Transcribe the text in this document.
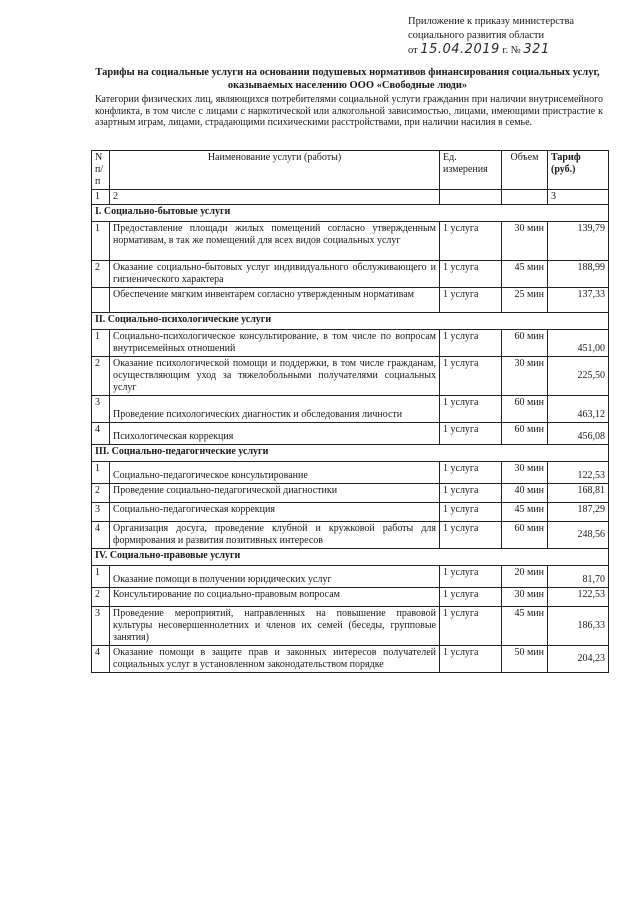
Приложение к приказу министерства
социального развития области
от 15.04.2019 г. № 321
Тарифы на социальные услуги на основании подушевых нормативов финансирования социальных услуг, оказываемых населению ООО «Свободные люди»
Категории физических лиц, являющихся потребителями социальной услуги гражданин при наличии внутрисемейного конфликта, в том числе с лицами с наркотической или алкогольной зависимостью, лицами, имеющими пристрастие к азартным играм, лицами, страдающими психическими расстройствами, при наличии насилия в семье.
N п/п	Наименование услуги (работы)	Ед. измерения	Объем	Тариф (руб.)
1	2			3
I. Социально-бытовые услуги				
1	Предоставление площади жилых помещений согласно утвержденным нормативам, в так же помещений для всех видов социальных услуг	1 услуга	30 мин	139,79
2	Оказание социально-бытовых услуг индивидуального обслуживающего и гигиенического характера	1 услуга	45 мин	188,99
	Обеспечение мягким инвентарем согласно утвержденным нормативам	1 услуга	25 мин	137,33
II. Социально-психологические услуги				
1	Социально-психологическое консультирование, в том числе по вопросам внутрисемейных отношений	1 услуга	60 мин	451,00
2	Оказание психологической помощи и поддержки, в том числе гражданам, осуществляющим уход за тяжелобольными получателями социальных услуг	1 услуга	30 мин	225,50
3	Проведение психологических диагностик и обследования личности	1 услуга	60 мин	463,12
4	Психологическая коррекция	1 услуга	60 мин	456,08
III. Социально-педагогические услуги				
1	Социально-педагогическое консультирование	1 услуга	30 мин	122,53
2	Проведение социально-педагогической диагностики	1 услуга	40 мин	168,81
3	Социально-педагогическая коррекция	1 услуга	45 мин	187,29
4	Организация досуга, проведение клубной и кружковой работы для формирования и развития позитивных интересов	1 услуга	60 мин	248,56
IV. Социально-правовые услуги				
1	Оказание помощи в получении юридических услуг	1 услуга	20 мин	81,70
2	Консультирование по социально-правовым вопросам	1 услуга	30 мин	122,53
3	Проведение мероприятий, направленных на повышение правовой культуры несовершеннолетних и членов их семей (беседы, групповые занятия)	1 услуга	45 мин	186,33
4	Оказание помощи в защите прав и законных интересов получателей социальных услуг в установленном законодательством порядке	1 услуга	50 мин	204,23
